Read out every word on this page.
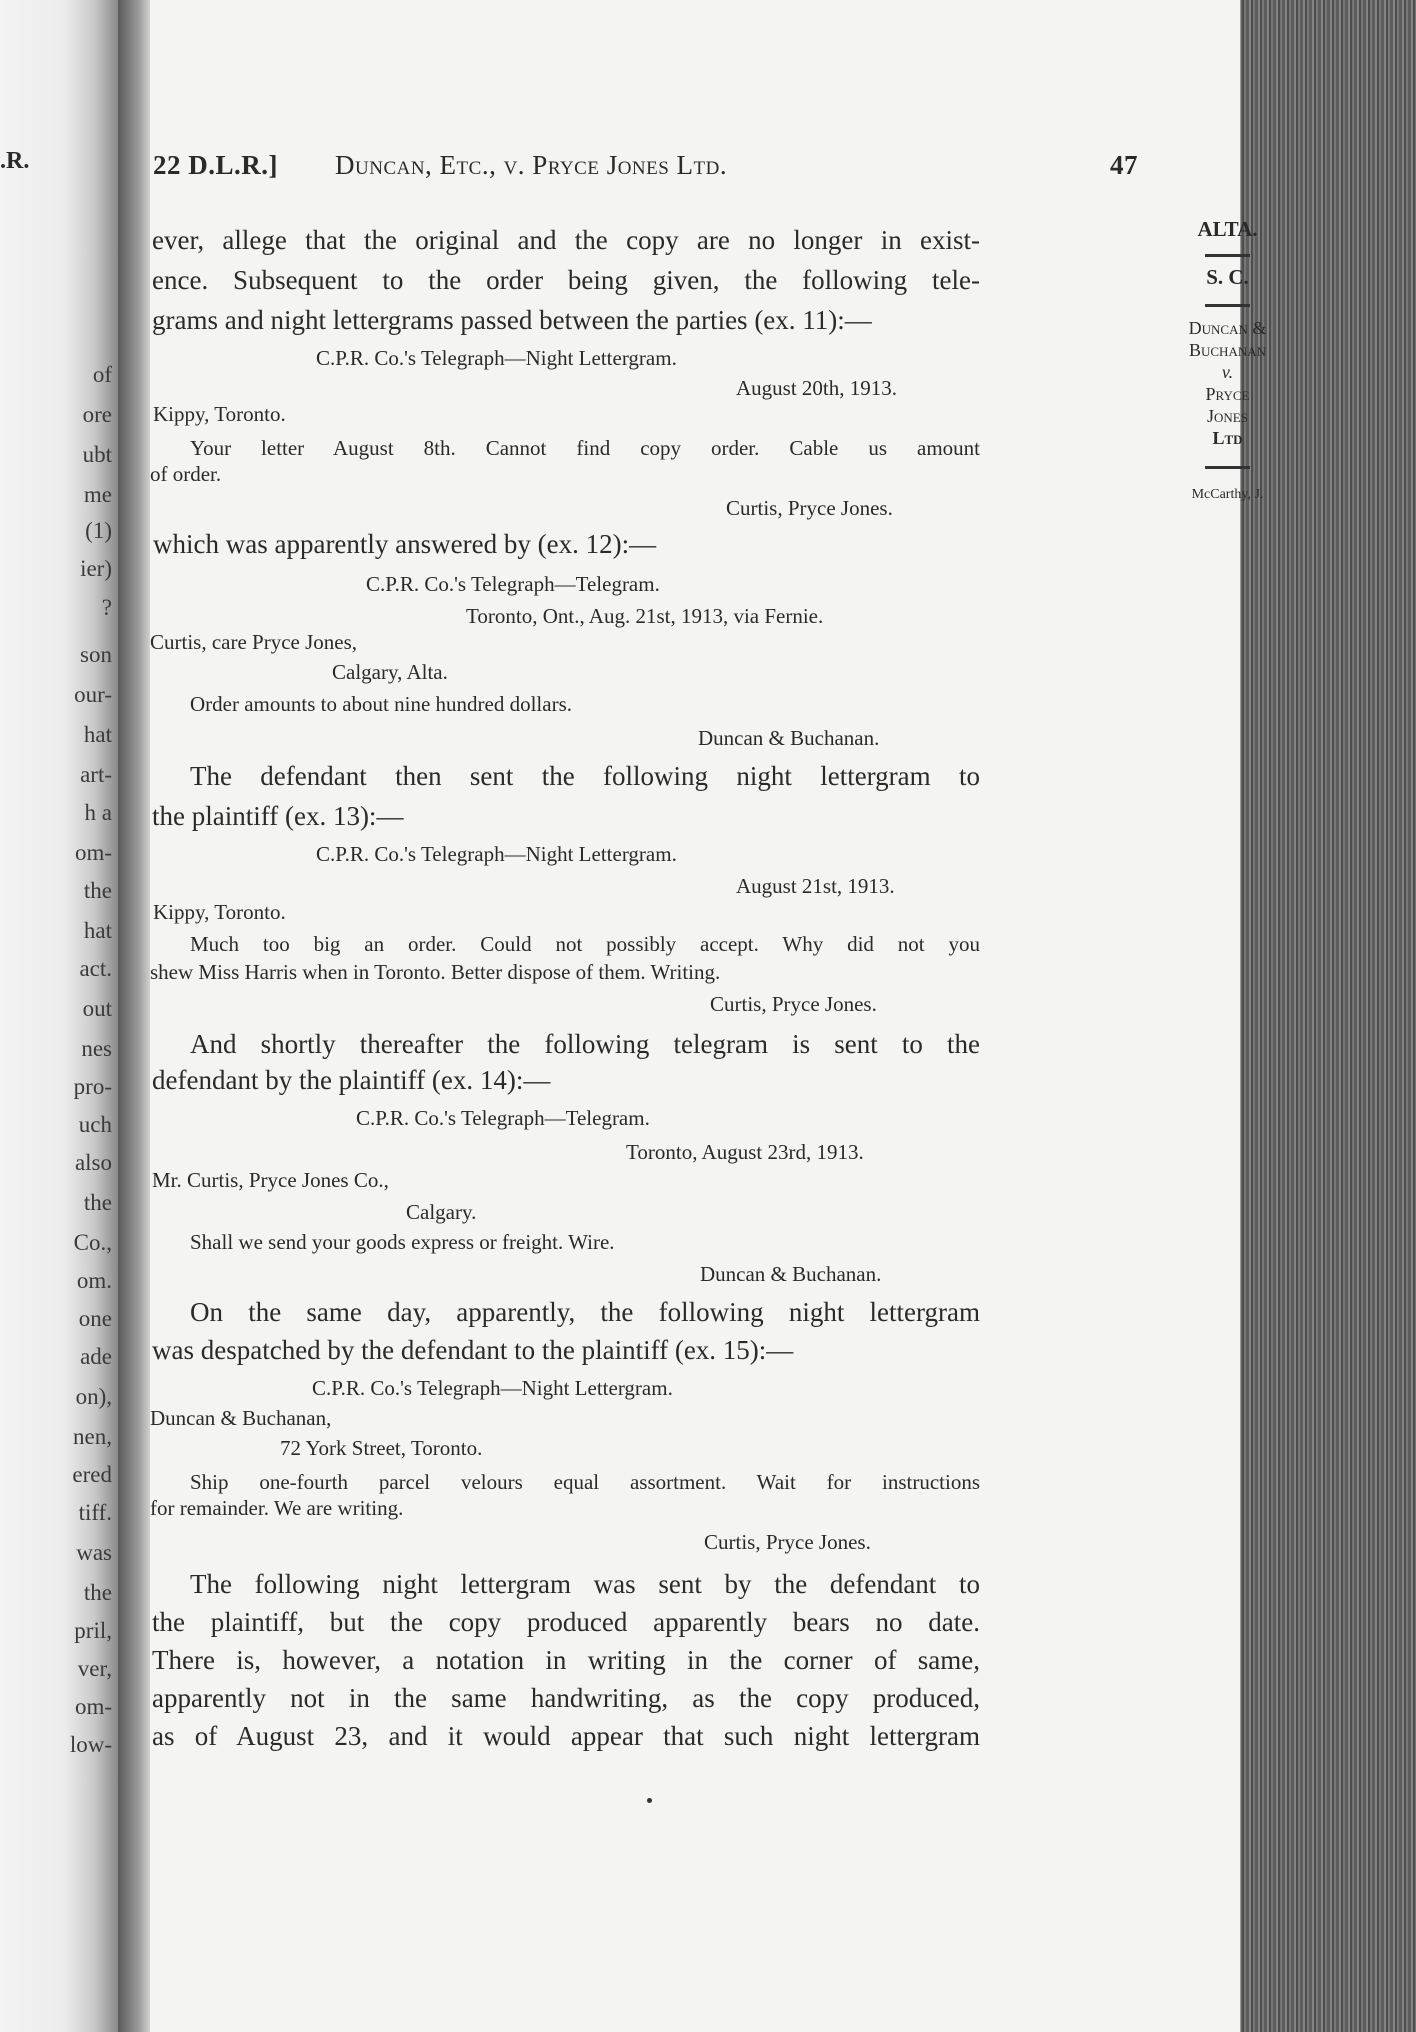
.R.
of
ore
ubt
me
(1)
ier)
?
son
our-
hat
art-
h a
om-
the
hat
act.
out
nes
pro-
uch
also
the
Co.,
om.
one
ade
on),
nen,
ered
tiff.
was
the
pril,
ver,
om-
low-
22 D.L.R.] Duncan, Etc., v. Pryce Jones Ltd.	47
ALTA.
S. C.
Duncan &
Buchanan
v.
Pryce
Jones
Ltd
McCarthy, J.
ever, allege that the original and the copy are no longer in exist-
ence. Subsequent to the order being given, the following tele-
grams and night lettergrams passed between the parties (ex. 11):—
C.P.R. Co.'s Telegraph—Night Lettergram.
August 20th, 1913.
Kippy, Toronto.
Your letter August 8th. Cannot find copy order. Cable us amount
of order.
Curtis, Pryce Jones.
which was apparently answered by (ex. 12):—
C.P.R. Co.'s Telegraph—Telegram.
Toronto, Ont., Aug. 21st, 1913, via Fernie.
Curtis, care Pryce Jones,
Calgary, Alta.
Order amounts to about nine hundred dollars.
Duncan & Buchanan.
The defendant then sent the following night lettergram to
the plaintiff (ex. 13):—
C.P.R. Co.'s Telegraph—Night Lettergram.
August 21st, 1913.
Kippy, Toronto.
Much too big an order. Could not possibly accept. Why did not you
shew Miss Harris when in Toronto. Better dispose of them. Writing.
Curtis, Pryce Jones.
And shortly thereafter the following telegram is sent to the
defendant by the plaintiff (ex. 14):—
C.P.R. Co.'s Telegraph—Telegram.
Toronto, August 23rd, 1913.
Mr. Curtis, Pryce Jones Co.,
Calgary.
Shall we send your goods express or freight. Wire.
Duncan & Buchanan.
On the same day, apparently, the following night lettergram
was despatched by the defendant to the plaintiff (ex. 15):—
C.P.R. Co.'s Telegraph—Night Lettergram.
Duncan & Buchanan,
72 York Street, Toronto.
Ship one-fourth parcel velours equal assortment. Wait for instructions
for remainder. We are writing.
Curtis, Pryce Jones.
The following night lettergram was sent by the defendant to
the plaintiff, but the copy produced apparently bears no date.
There is, however, a notation in writing in the corner of same,
apparently not in the same handwriting, as the copy produced,
as of August 23, and it would appear that such night lettergram
